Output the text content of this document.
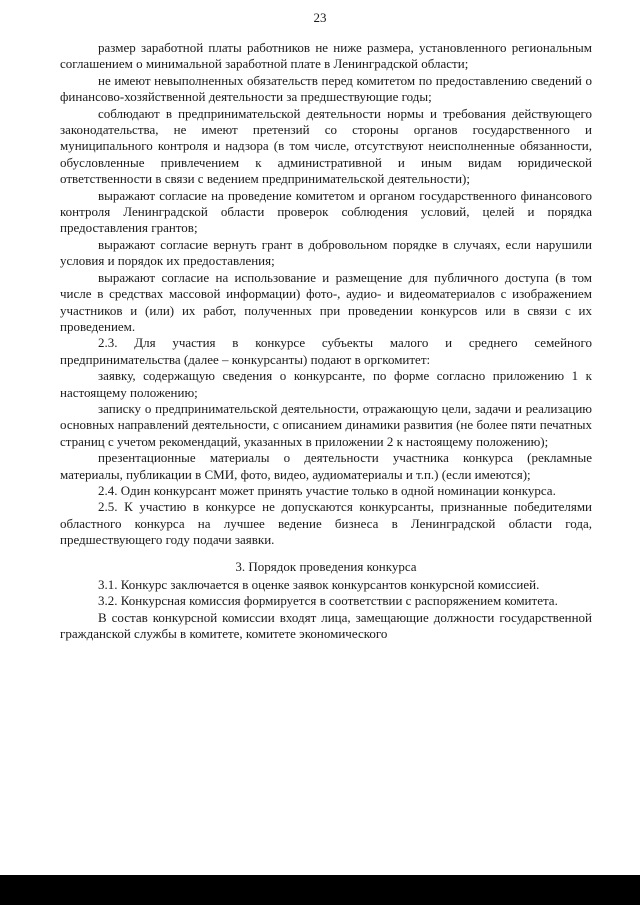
23

размер заработной платы работников не ниже размера, установленного региональным соглашением о минимальной заработной плате в Ленинградской области;

не имеют невыполненных обязательств перед комитетом по предоставлению сведений о финансово-хозяйственной деятельности за предшествующие годы;

соблюдают в предпринимательской деятельности нормы и требования действующего законодательства, не имеют претензий со стороны органов государственного и муниципального контроля и надзора (в том числе, отсутствуют неисполненные обязанности, обусловленные привлечением к административной и иным видам юридической ответственности в связи с ведением предпринимательской деятельности);

выражают согласие на проведение комитетом и органом государственного финансового контроля Ленинградской области проверок соблюдения условий, целей и порядка предоставления грантов;

выражают согласие вернуть грант в добровольном порядке в случаях, если нарушили условия и порядок их предоставления;

выражают согласие на использование и размещение для публичного доступа (в том числе в средствах массовой информации) фото-, аудио- и видеоматериалов с изображением участников и (или) их работ, полученных при проведении конкурсов или в связи с их проведением.

2.3. Для участия в конкурсе субъекты малого и среднего семейного предпринимательства (далее – конкурсанты) подают в оргкомитет:

заявку, содержащую сведения о конкурсанте, по форме согласно приложению 1 к настоящему положению;

записку о предпринимательской деятельности, отражающую цели, задачи и реализацию основных направлений деятельности, с описанием динамики развития (не более пяти печатных страниц с учетом рекомендаций, указанных в приложении 2 к настоящему положению);

презентационные материалы о деятельности участника конкурса (рекламные материалы, публикации в СМИ, фото, видео, аудиоматериалы и т.п.) (если имеются);

2.4. Один конкурсант может принять участие только в одной номинации конкурса.

2.5. К участию в конкурсе не допускаются конкурсанты, признанные победителями областного конкурса на лучшее ведение бизнеса в Ленинградской области года, предшествующего году подачи заявки.

3. Порядок проведения конкурса

3.1. Конкурс заключается в оценке заявок конкурсантов конкурсной комиссией.

3.2. Конкурсная комиссия формируется в соответствии с распоряжением комитета.

В состав конкурсной комиссии входят лица, замещающие должности государственной гражданской службы в комитете, комитете экономического
